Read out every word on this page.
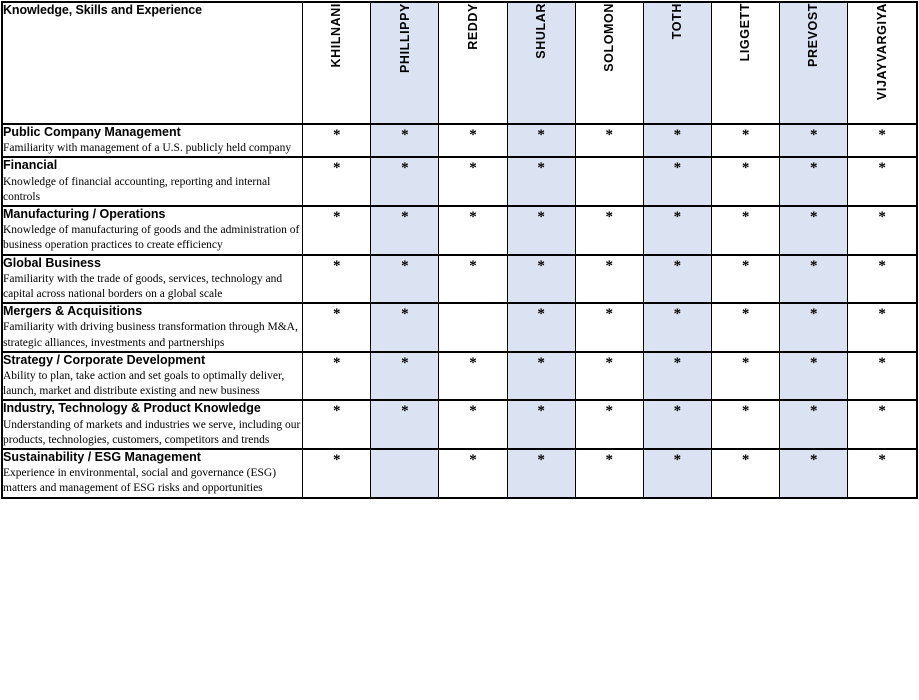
Knowledge, Skills and Experience	KHILNANI	PHILLIPPY	REDDY	SHULAR	SOLOMON	TOTH	LIGGETT	PREVOST	VIJAYVARGIYA

Public Company Management
Familiarity with management of a U.S. publicly held company	*	*	*	*	*	*	*	*	*

Financial
Knowledge of financial accounting, reporting and internal controls	*	*	*	*		*	*	*	*

Manufacturing / Operations
Knowledge of manufacturing of goods and the administration of business operation practices to create efficiency	*	*	*	*	*	*	*	*	*

Global Business
Familiarity with the trade of goods, services, technology and capital across national borders on a global scale	*	*	*	*	*	*	*	*	*

Mergers & Acquisitions
Familiarity with driving business transformation through M&A, strategic alliances, investments and partnerships	*	*		*	*	*	*	*	*

Strategy / Corporate Development
Ability to plan, take action and set goals to optimally deliver, launch, market and distribute existing and new business	*	*	*	*	*	*	*	*	*

Industry, Technology & Product Knowledge
Understanding of markets and industries we serve, including our products, technologies, customers, competitors and trends	*	*	*	*	*	*	*	*	*

Sustainability / ESG Management
Experience in environmental, social and governance (ESG) matters and management of ESG risks and opportunities	*		*	*	*	*	*	*	*
